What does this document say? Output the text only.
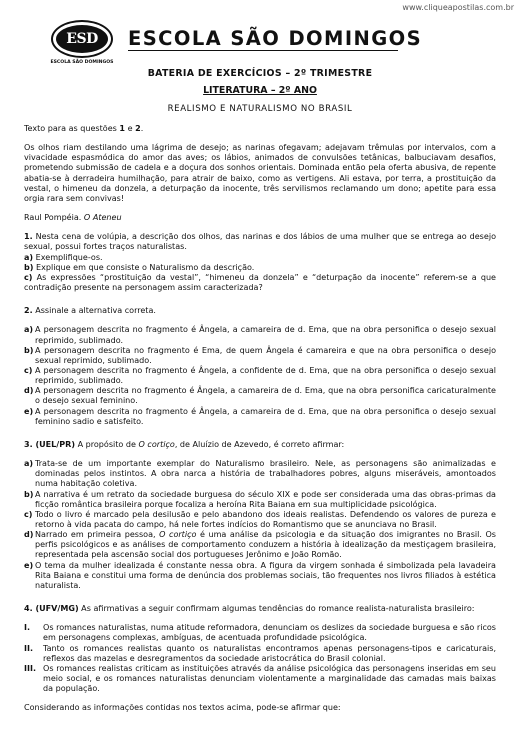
www.cliqueapostilas.com.br
ESD
ESCOLA SÃO DOMINGOS
ESCOLA SÃO DOMINGOS
BATERIA DE EXERCÍCIOS – 2º TRIMESTRE
LITERATURA – 2º ANO
REALISMO E NATURALISMO NO BRASIL

Texto para as questões 1 e 2.

Os olhos riam destilando uma lágrima de desejo; as narinas ofegavam; adejavam trêmulas por intervalos, com a vivacidade espasmódica do amor das aves; os lábios, animados de convulsões tetânicas, balbuciavam desafios, prometendo submissão de cadela e a doçura dos sonhos orientais. Dominada então pela oferta abusiva, de repente abatia-se à derradeira humilhação, para atrair de baixo, como as vertigens. Ali estava, por terra, a prostituição da vestal, o himeneu da donzela, a deturpação da inocente, três servilismos reclamando um dono; apetite para essa orgia rara sem convivas!

Raul Pompéia. O Ateneu

1. Nesta cena de volúpia, a descrição dos olhos, das narinas e dos lábios de uma mulher que se entrega ao desejo sexual, possui fortes traços naturalistas.

a) Exemplifique-os.

b) Explique em que consiste o Naturalismo da descrição.

c) As expressões “prostituição da vestal”, “himeneu da donzela” e “deturpação da inocente” referem-se a que contradição presente na personagem assim caracterizada?

2. Assinale a alternativa correta.

a) A personagem descrita no fragmento é Ângela, a camareira de d. Ema, que na obra personifica o desejo sexual reprimido, sublimado.
b) A personagem descrita no fragmento é Ema, de quem Ângela é camareira e que na obra personifica o desejo sexual reprimido, sublimado.
c) A personagem descrita no fragmento é Ângela, a confidente de d. Ema, que na obra personifica o desejo sexual reprimido, sublimado.
d) A personagem descrita no fragmento é Ângela, a camareira de d. Ema, que na obra personifica caricaturalmente o desejo sexual feminino.
e) A personagem descrita no fragmento é Ângela, a camareira de d. Ema, que na obra personifica o desejo sexual feminino sadio e satisfeito.

3. (UEL/PR) A propósito de O cortiço, de Aluízio de Azevedo, é correto afirmar:

a) Trata-se de um importante exemplar do Naturalismo brasileiro. Nele, as personagens são animalizadas e dominadas pelos instintos. A obra narca a história de trabalhadores pobres, alguns miseráveis, amontoados numa habitação coletiva.
b) A narrativa é um retrato da sociedade burguesa do século XIX e pode ser considerada uma das obras-primas da ficção romântica brasileira porque focaliza a heroína Rita Baiana em sua multiplicidade psicológica.
c) Todo o livro é marcado pela desilusão e pelo abandono dos ideais realistas. Defendendo os valores de pureza e retorno à vida pacata do campo, há nele fortes indícios do Romantismo que se anunciava no Brasil.
d) Narrado em primeira pessoa, O cortiço é uma análise da psicologia e da situação dos imigrantes no Brasil. Os perfis psicológicos e as análises de comportamento conduzem a história à idealização da mestiçagem brasileira, representada pela ascensão social dos portugueses Jerônimo e João Romão.
e) O tema da mulher idealizada é constante nessa obra. A figura da virgem sonhada é simbolizada pela lavadeira Rita Baiana e constitui uma forma de denúncia dos problemas sociais, tão frequentes nos livros filiados à estética naturalista.

4. (UFV/MG) As afirmativas a seguir confirmam algumas tendências do romance realista-naturalista brasileiro:

I.	Os romances naturalistas, numa atitude reformadora, denunciam os deslizes da sociedade burguesa e são ricos em personagens complexas, ambíguas, de acentuada profundidade psicológica.
II.	Tanto os romances realistas quanto os naturalistas encontramos apenas personagens-tipos e caricaturais, reflexos das mazelas e desregramentos da sociedade aristocrática do Brasil colonial.
III. Os romances realistas criticam as instituições através da análise psicológica das personagens inseridas em seu meio social, e os romances naturalistas denunciam violentamente a marginalidade das camadas mais baixas da população.

Considerando as informações contidas nos textos acima, pode-se afirmar que:
